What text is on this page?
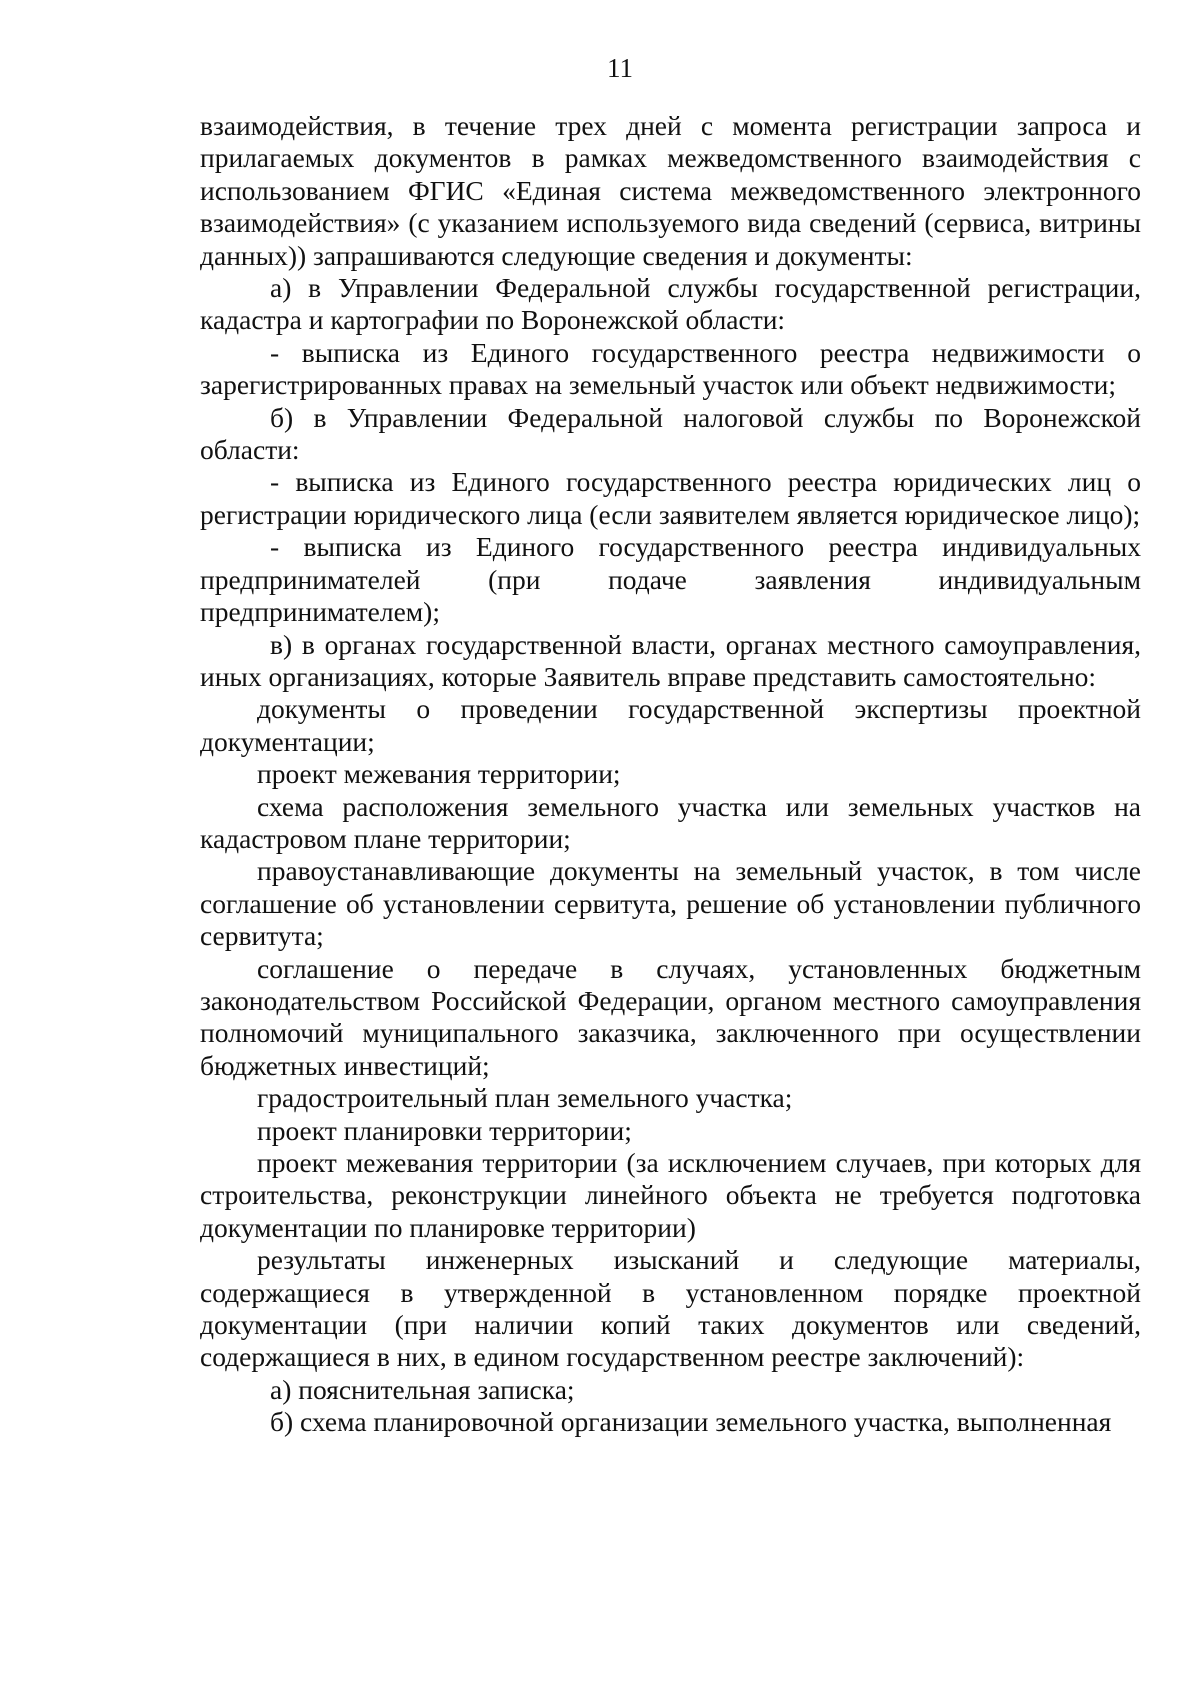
11

взаимодействия, в течение трех дней с момента регистрации запроса и прилагаемых документов в рамках межведомственного взаимодействия с использованием ФГИС «Единая система межведомственного электронного взаимодействия» (с указанием используемого вида сведений (сервиса, витрины данных)) запрашиваются следующие сведения и документы:

а) в Управлении Федеральной службы государственной регистрации, кадастра и картографии по Воронежской области:

- выписка из Единого государственного реестра недвижимости о зарегистрированных правах на земельный участок или объект недвижимости;

б) в Управлении Федеральной налоговой службы по Воронежской области:

- выписка из Единого государственного реестра юридических лиц о регистрации юридического лица (если заявителем является юридическое лицо);

- выписка из Единого государственного реестра индивидуальных предпринимателей (при подаче заявления индивидуальным предпринимателем);

в) в органах государственной власти, органах местного самоуправления, иных организациях, которые Заявитель вправе представить самостоятельно:

документы о проведении государственной экспертизы проектной документации;

проект межевания территории;

схема расположения земельного участка или земельных участков на кадастровом плане территории;

правоустанавливающие документы на земельный участок, в том числе соглашение об установлении сервитута, решение об установлении публичного сервитута;

соглашение о передаче в случаях, установленных бюджетным законодательством Российской Федерации, органом местного самоуправления полномочий муниципального заказчика, заключенного при осуществлении бюджетных инвестиций;

градостроительный план земельного участка;

проект планировки территории;

проект межевания территории (за исключением случаев, при которых для строительства, реконструкции линейного объекта не требуется подготовка документации по планировке территории)

результаты инженерных изысканий и следующие материалы, содержащиеся в утвержденной в установленном порядке проектной документации (при наличии копий таких документов или сведений, содержащиеся в них, в едином государственном реестре заключений):

а) пояснительная записка;

б) схема планировочной организации земельного участка, выполненная
